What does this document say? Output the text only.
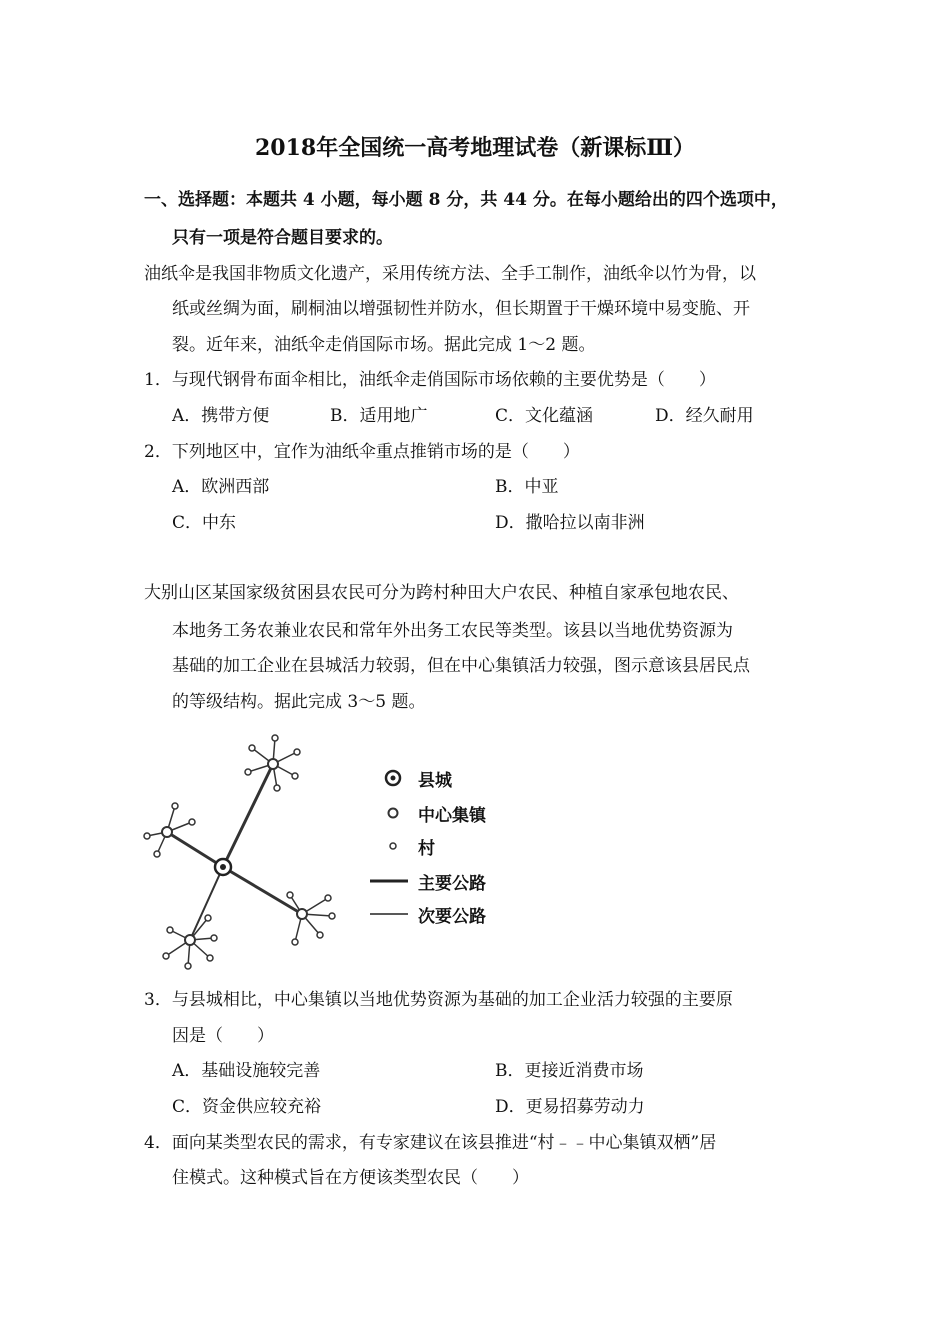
2018年全国统一高考地理试卷（新课标Ⅲ）
一、选择题：本题共 4 小题，每小题 8 分，共 44 分。在每小题给出的四个选项中，
只有一项是符合题目要求的。
油纸伞是我国非物质文化遗产，采用传统方法、全手工制作，油纸伞以竹为骨，以
纸或丝绸为面，刷桐油以增强韧性并防水，但长期置于干燥环境中易变脆、开
裂。近年来，油纸伞走俏国际市场。据此完成 1～2 题。
1．与现代钢骨布面伞相比，油纸伞走俏国际市场依赖的主要优势是（　　）
A．携带方便	B．适用地广	C．文化蕴涵	D．经久耐用
2．下列地区中，宜作为油纸伞重点推销市场的是（　　）
A．欧洲西部	B．中亚
C．中东	D．撒哈拉以南非洲
大别山区某国家级贫困县农民可分为跨村种田大户农民、种植自家承包地农民、
本地务工务农兼业农民和常年外出务工农民等类型。该县以当地优势资源为
基础的加工企业在县城活力较弱，但在中心集镇活力较强，图示意该县居民点
的等级结构。据此完成 3～5 题。
县城
中心集镇
村
主要公路
次要公路
3．与县城相比，中心集镇以当地优势资源为基础的加工企业活力较强的主要原
因是（　　）
A．基础设施较完善	B．更接近消费市场
C．资金供应较充裕	D．更易招募劳动力
4．面向某类型农民的需求，有专家建议在该县推进“村﹣﹣中心集镇双栖”居
住模式。这种模式旨在方便该类型农民（　　）
